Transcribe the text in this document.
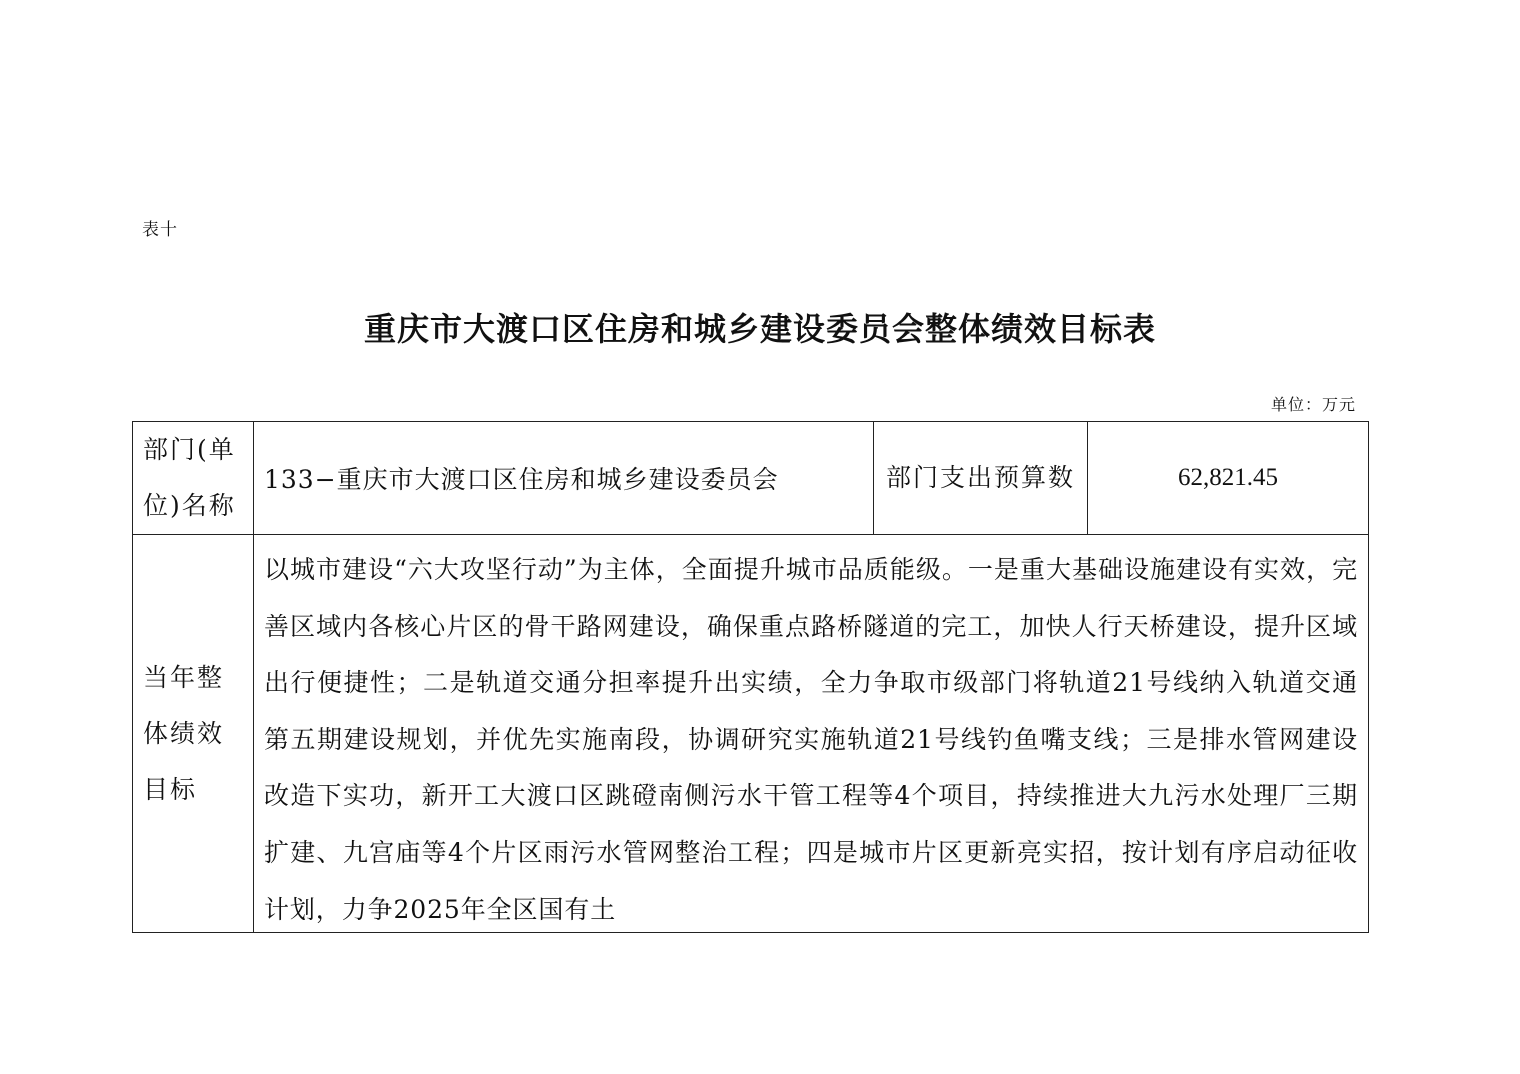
表十
重庆市大渡口区住房和城乡建设委员会整体绩效目标表
单位：万元
部门(单位)名称	133−重庆市大渡口区住房和城乡建设委员会	部门支出预算数	62,821.45
当年整体绩效目标	以城市建设“六大攻坚行动”为主体，全面提升城市品质能级。一是重大基础设施建设有实效，完善区域内各核心片区的骨干路网建设，确保重点路桥隧道的完工，加快人行天桥建设，提升区域出行便捷性；二是轨道交通分担率提升出实绩，全力争取市级部门将轨道21号线纳入轨道交通第五期建设规划，并优先实施南段，协调研究实施轨道21号线钓鱼嘴支线；三是排水管网建设改造下实功，新开工大渡口区跳磴南侧污水干管工程等4个项目，持续推进大九污水处理厂三期扩建、九宫庙等4个片区雨污水管网整治工程；四是城市片区更新亮实招，按计划有序启动征收计划，力争2025年全区国有土		
